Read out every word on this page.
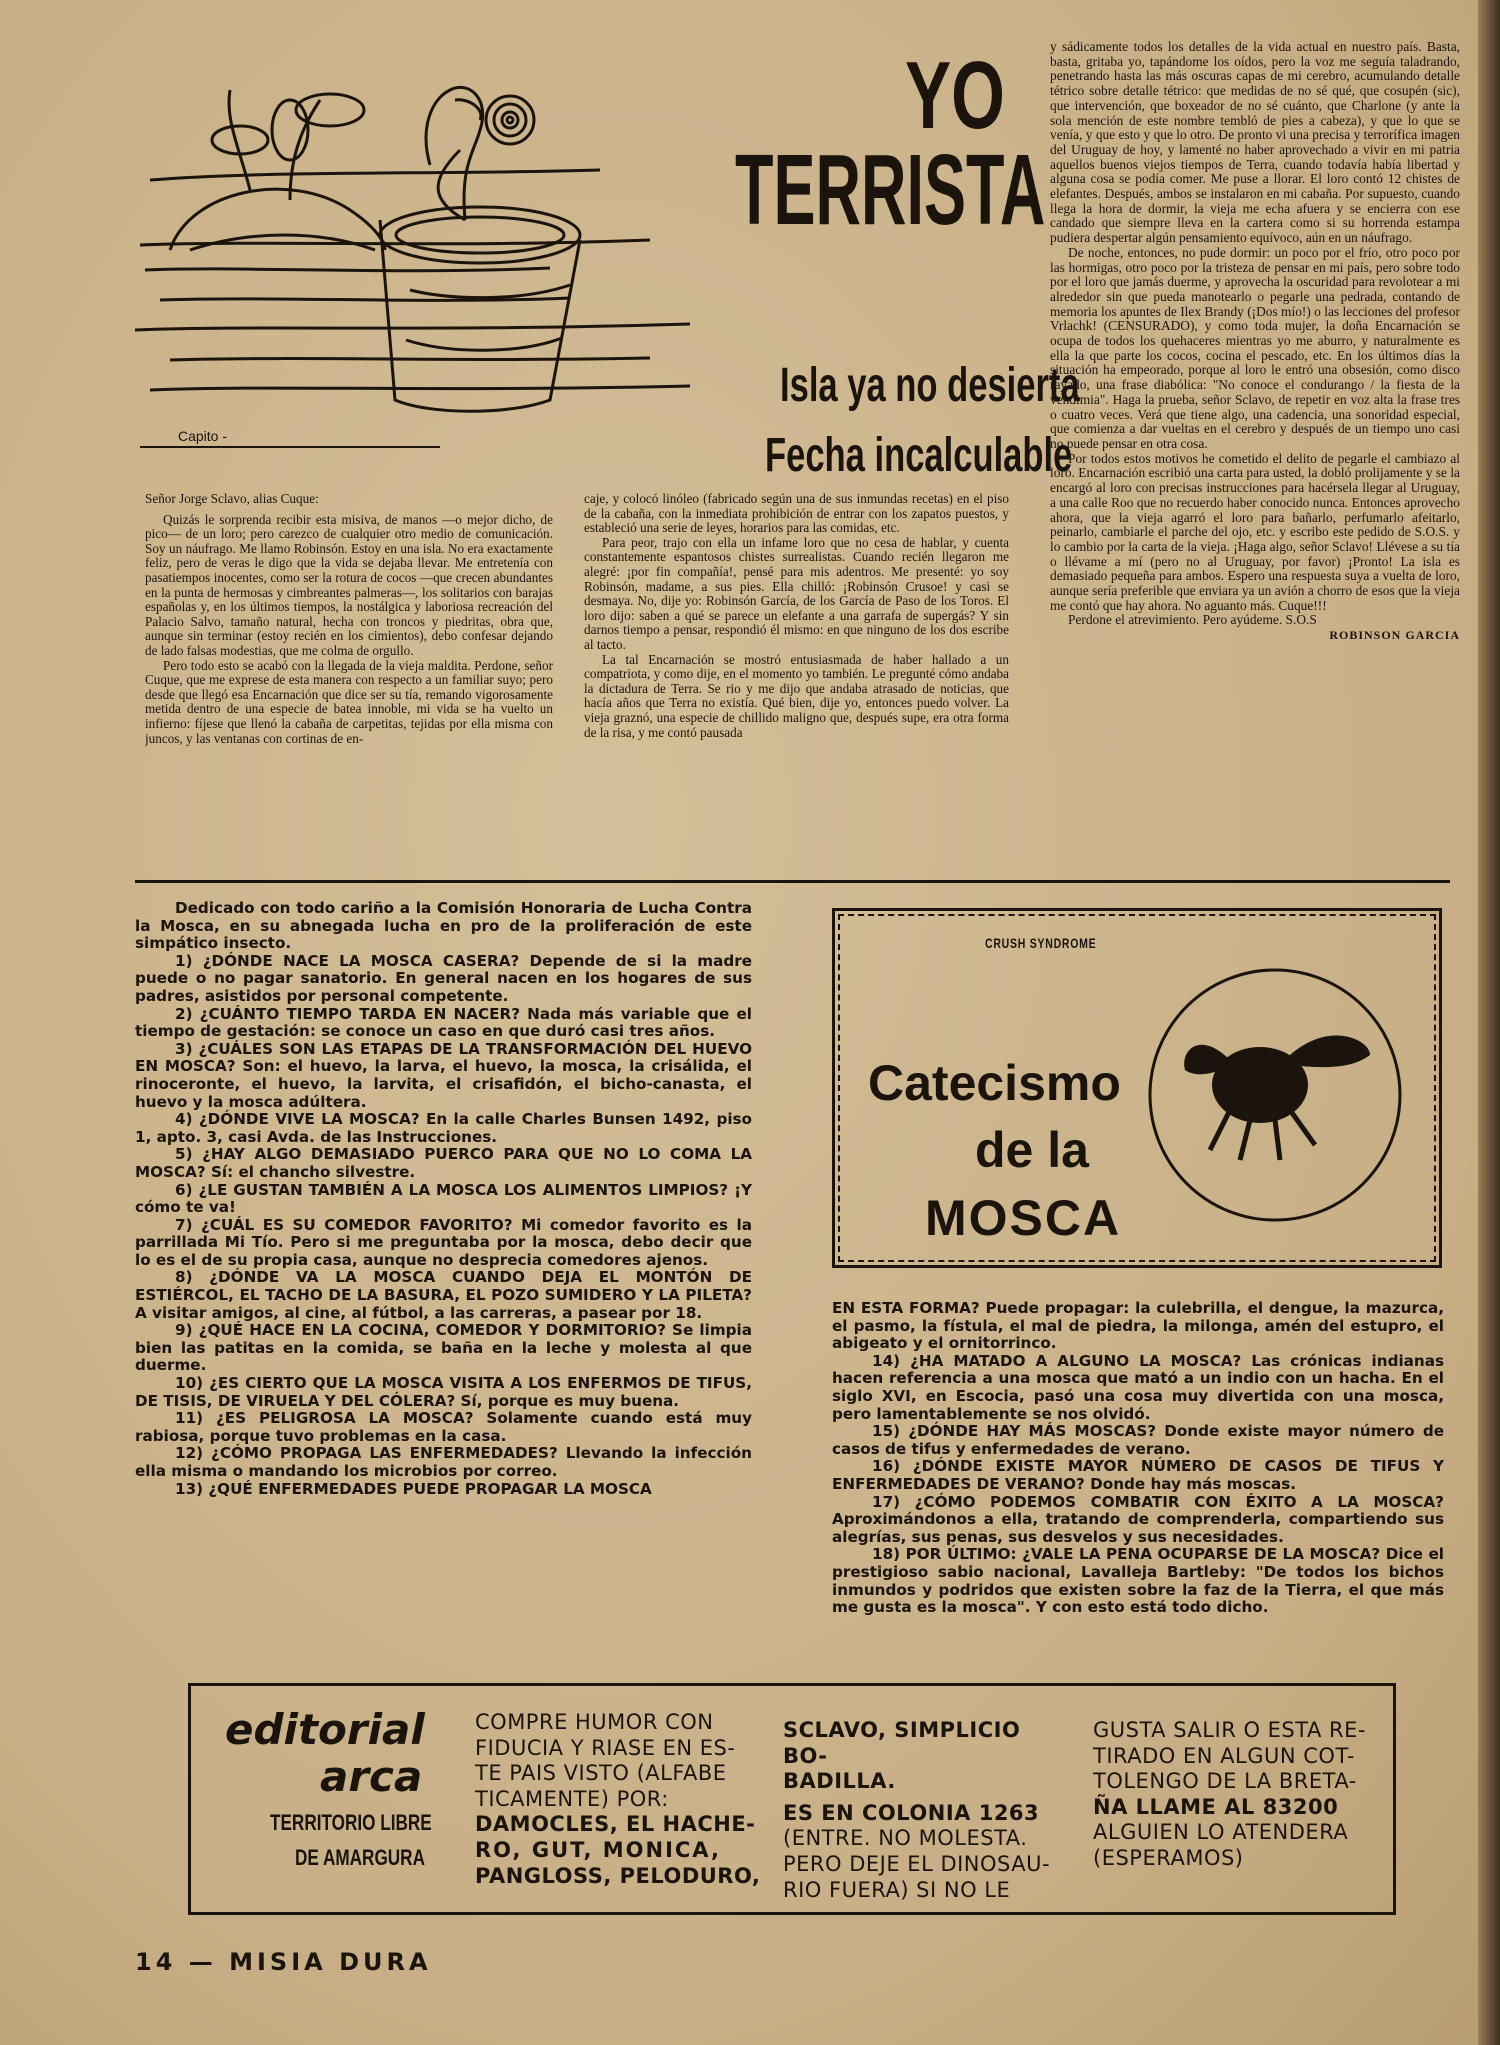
Capito -
YO
TERRISTA
Isla ya no desierta
Fecha incalculable

Señor Jorge Sclavo, alias Cuque:

Quizás le sorprenda recibir esta misiva, de manos —o mejor dicho, de pico— de un loro; pero carezco de cualquier otro medio de comunicación. Soy un náufrago. Me llamo Robinsón. Estoy en una isla. No era exactamente feliz, pero de veras le digo que la vida se dejaba llevar. Me entretenía con pasatiempos inocentes, como ser la rotura de cocos —que crecen abundantes en la punta de hermosas y cimbreantes palmeras—, los solitarios con barajas españolas y, en los últimos tiempos, la nostálgica y laboriosa recreación del Palacio Salvo, tamaño natural, hecha con troncos y piedritas, obra que, aunque sin terminar (estoy recién en los cimientos), debo confesar dejando de lado falsas modestias, que me colma de orgullo.

Pero todo esto se acabó con la llegada de la vieja maldita. Perdone, señor Cuque, que me exprese de esta manera con respecto a un familiar suyo; pero desde que llegó esa Encarnación que dice ser su tía, remando vigorosamente metida dentro de una especie de batea innoble, mi vida se ha vuelto un infierno: fíjese que llenó la cabaña de carpetitas, tejidas por ella misma con juncos, y las ventanas con cortinas de en-

caje, y colocó linóleo (fabricado según una de sus inmundas recetas) en el piso de la cabaña, con la inmediata prohibición de entrar con los zapatos puestos, y estableció una serie de leyes, horarios para las comidas, etc.

Para peor, trajo con ella un infame loro que no cesa de hablar, y cuenta constantemente espantosos chistes surrealistas. Cuando recién llegaron me alegré: ¡por fin compañía!, pensé para mis adentros. Me presenté: yo soy Robinsón, madame, a sus pies. Ella chilló: ¡Robinsón Crusoe! y casi se desmaya. No, dije yo: Robinsón García, de los García de Paso de los Toros. El loro dijo: saben a qué se parece un elefante a una garrafa de supergás? Y sin darnos tiempo a pensar, respondió él mismo: en que ninguno de los dos escribe al tacto.

La tal Encarnación se mostró entusiasmada de haber hallado a un compatriota, y como dije, en el momento yo también. Le pregunté cómo andaba la dictadura de Terra. Se rio y me dijo que andaba atrasado de noticias, que hacía años que Terra no existía. Qué bien, dije yo, entonces puedo volver. La vieja graznó, una especie de chillido maligno que, después supe, era otra forma de la risa, y me contó pausada

y sádicamente todos los detalles de la vida actual en nuestro país. Basta, basta, gritaba yo, tapándome los oídos, pero la voz me seguía taladrando, penetrando hasta las más oscuras capas de mi cerebro, acumulando detalle tétrico sobre detalle tétrico: que medidas de no sé qué, que cosupén (sic), que intervención, que boxeador de no sé cuánto, que Charlone (y ante la sola mención de este nombre tembló de pies a cabeza), y que lo que se venía, y que esto y que lo otro. De pronto vi una precisa y terrorífica imagen del Uruguay de hoy, y lamenté no haber aprovechado a vivir en mi patria aquellos buenos viejos tiempos de Terra, cuando todavía había libertad y alguna cosa se podía comer. Me puse a llorar. El loro contó 12 chistes de elefantes. Después, ambos se instalaron en mi cabaña. Por supuesto, cuando llega la hora de dormir, la vieja me echa afuera y se encierra con ese candado que siempre lleva en la cartera como si su horrenda estampa pudiera despertar algún pensamiento equívoco, aún en un náufrago.

De noche, entonces, no pude dormir: un poco por el frío, otro poco por las hormigas, otro poco por la tristeza de pensar en mi país, pero sobre todo por el loro que jamás duerme, y aprovecha la oscuridad para revolotear a mi alrededor sin que pueda manotearlo o pegarle una pedrada, contando de memoria los apuntes de Ilex Brandy (¡Dos mío!) o las lecciones del profesor Vrlachk! (CENSURADO), y como toda mujer, la doña Encarnación se ocupa de todos los quehaceres mientras yo me aburro, y naturalmente es ella la que parte los cocos, cocina el pescado, etc. En los últimos días la situación ha empeorado, porque al loro le entró una obsesión, como disco rayado, una frase diabólica: "No conoce el condurango / la fiesta de la vendimia". Haga la prueba, señor Sclavo, de repetir en voz alta la frase tres o cuatro veces. Verá que tiene algo, una cadencia, una sonoridad especial, que comienza a dar vueltas en el cerebro y después de un tiempo uno casi no puede pensar en otra cosa.

Por todos estos motivos he cometido el delito de pegarle el cambiazo al loro. Encarnación escribió una carta para usted, la dobló prolijamente y se la encargó al loro con precisas instrucciones para hacérsela llegar al Uruguay, a una calle Roo que no recuerdo haber conocido nunca. Entonces aprovecho ahora, que la vieja agarró el loro para bañarlo, perfumarlo afeitarlo, peinarlo, cambiarle el parche del ojo, etc. y escribo este pedido de S.O.S. y lo cambio por la carta de la vieja. ¡Haga algo, señor Sclavo! Llévese a su tía o llévame a mí (pero no al Uruguay, por favor) ¡Pronto! La isla es demasiado pequeña para ambos. Espero una respuesta suya a vuelta de loro, aunque sería preferible que enviara ya un avión a chorro de esos que la vieja me contó que hay ahora. No aguanto más. Cuque!!!

Perdone el atrevimiento. Pero ayúdeme. S.O.S

ROBINSON GARCIA

Dedicado con todo cariño a la Comisión Honoraria de Lucha Contra la Mosca, en su abnegada lucha en pro de la proliferación de este simpático insecto.

1) ¿DÓNDE NACE LA MOSCA CASERA? Depende de si la madre puede o no pagar sanatorio. En general nacen en los hogares de sus padres, asistidos por personal competente.

2) ¿CUÁNTO TIEMPO TARDA EN NACER? Nada más variable que el tiempo de gestación: se conoce un caso en que duró casi tres años.

3) ¿CUÁLES SON LAS ETAPAS DE LA TRANSFORMACIÓN DEL HUEVO EN MOSCA? Son: el huevo, la larva, el huevo, la mosca, la crisálida, el rinoceronte, el huevo, la larvita, el crisafidón, el bicho-canasta, el huevo y la mosca adúltera.

4) ¿DÓNDE VIVE LA MOSCA? En la calle Charles Bunsen 1492, piso 1, apto. 3, casi Avda. de las Instrucciones.

5) ¿HAY ALGO DEMASIADO PUERCO PARA QUE NO LO COMA LA MOSCA? Sí: el chancho silvestre.

6) ¿LE GUSTAN TAMBIÉN A LA MOSCA LOS ALIMENTOS LIMPIOS? ¡Y cómo te va!

7) ¿CUÁL ES SU COMEDOR FAVORITO? Mi comedor favorito es la parrillada Mi Tío. Pero si me preguntaba por la mosca, debo decir que lo es el de su propia casa, aunque no desprecia comedores ajenos.

8) ¿DÓNDE VA LA MOSCA CUANDO DEJA EL MONTÓN DE ESTIÉRCOL, EL TACHO DE LA BASURA, EL POZO SUMIDERO Y LA PILETA? A visitar amigos, al cine, al fútbol, a las carreras, a pasear por 18.

9) ¿QUÉ HACE EN LA COCINA, COMEDOR Y DORMITORIO? Se limpia bien las patitas en la comida, se baña en la leche y molesta al que duerme.

10) ¿ES CIERTO QUE LA MOSCA VISITA A LOS ENFERMOS DE TIFUS, DE TISIS, DE VIRUELA Y DEL CÓLERA? Sí, porque es muy buena.

11) ¿ES PELIGROSA LA MOSCA? Solamente cuando está muy rabiosa, porque tuvo problemas en la casa.

12) ¿CÓMO PROPAGA LAS ENFERMEDADES? Llevando la infección ella misma o mandando los microbios por correo.

13) ¿QUÉ ENFERMEDADES PUEDE PROPAGAR LA MOSCA

CRUSH SYNDROME
Catecismo
de la
MOSCA

EN ESTA FORMA? Puede propagar: la culebrilla, el dengue, la mazurca, el pasmo, la fístula, el mal de piedra, la milonga, amén del estupro, el abigeato y el ornitorrinco.

14) ¿HA MATADO A ALGUNO LA MOSCA? Las crónicas indianas hacen referencia a una mosca que mató a un indio con un hacha. En el siglo XVI, en Escocia, pasó una cosa muy divertida con una mosca, pero lamentablemente se nos olvidó.

15) ¿DÓNDE HAY MÁS MOSCAS? Donde existe mayor número de casos de tifus y enfermedades de verano.

16) ¿DÓNDE EXISTE MAYOR NÚMERO DE CASOS DE TIFUS Y ENFERMEDADES DE VERANO? Donde hay más moscas.

17) ¿CÓMO PODEMOS COMBATIR CON ÉXITO A LA MOSCA? Aproximándonos a ella, tratando de comprenderla, compartiendo sus alegrías, sus penas, sus desvelos y sus necesidades.

18) POR ÚLTIMO: ¿VALE LA PENA OCUPARSE DE LA MOSCA? Dice el prestigioso sabio nacional, Lavalleja Bartleby: "De todos los bichos inmundos y podridos que existen sobre la faz de la Tierra, el que más me gusta es la mosca". Y con esto está todo dicho.

editorial
arca
TERRITORIO LIBRE
DE AMARGURA
COMPRE HUMOR CON
FIDUCIA Y RIASE EN ES-
TE PAIS VISTO (ALFABE
TICAMENTE) POR:
DAMOCLES, EL HACHE-
RO, GUT, MONICA,
PANGLOSS, PELODURO,
SCLAVO, SIMPLICIO BO-
BADILLA.
ES EN COLONIA 1263
(ENTRE. NO MOLESTA.
PERO DEJE EL DINOSAU-
RIO FUERA) SI NO LE
GUSTA SALIR O ESTA RE-
TIRADO EN ALGUN COT-
TOLENGO DE LA BRETA-
ÑA LLAME AL 83200
ALGUIEN LO ATENDERA
(ESPERAMOS)
14 — MISIA DURA
